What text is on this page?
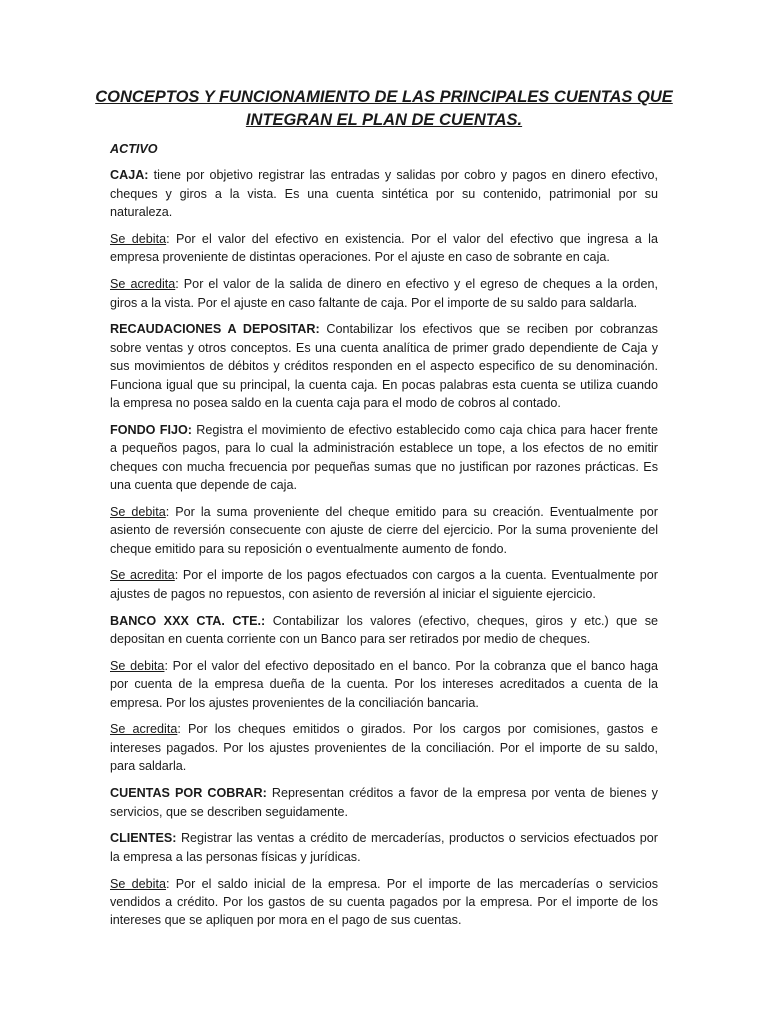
CONCEPTOS Y FUNCIONAMIENTO DE LAS PRINCIPALES CUENTAS QUE
INTEGRAN EL PLAN DE CUENTAS.

ACTIVO

CAJA: tiene por objetivo registrar las entradas y salidas por cobro y pagos en dinero efectivo, cheques y giros a la vista. Es una cuenta sintética por su contenido, patrimonial por su naturaleza.

Se debita: Por el valor del efectivo en existencia. Por el valor del efectivo que ingresa a la empresa proveniente de distintas operaciones. Por el ajuste en caso de sobrante en caja.

Se acredita: Por el valor de la salida de dinero en efectivo y el egreso de cheques a la orden, giros a la vista. Por el ajuste en caso faltante de caja. Por el importe de su saldo para saldarla.

RECAUDACIONES A DEPOSITAR: Contabilizar los efectivos que se reciben por cobranzas sobre ventas y otros conceptos. Es una cuenta analítica de primer grado dependiente de Caja y sus movimientos de débitos y créditos responden en el aspecto especifico de su denominación. Funciona igual que su principal, la cuenta caja. En pocas palabras esta cuenta se utiliza cuando la empresa no posea saldo en la cuenta caja para el modo de cobros al contado.

FONDO FIJO: Registra el movimiento de efectivo establecido como caja chica para hacer frente a pequeños pagos, para lo cual la administración establece un tope, a los efectos de no emitir cheques con mucha frecuencia por pequeñas sumas que no justifican por razones prácticas. Es una cuenta que depende de caja.

Se debita: Por la suma proveniente del cheque emitido para su creación. Eventualmente por asiento de reversión consecuente con ajuste de cierre del ejercicio. Por la suma proveniente del cheque emitido para su reposición o eventualmente aumento de fondo.

Se acredita: Por el importe de los pagos efectuados con cargos a la cuenta. Eventualmente por ajustes de pagos no repuestos, con asiento de reversión al iniciar el siguiente ejercicio.

BANCO XXX CTA. CTE.: Contabilizar los valores (efectivo, cheques, giros y etc.) que se depositan en cuenta corriente con un Banco para ser retirados por medio de cheques.

Se debita: Por el valor del efectivo depositado en el banco. Por la cobranza que el banco haga por cuenta de la empresa dueña de la cuenta. Por los intereses acreditados a cuenta de la empresa. Por los ajustes provenientes de la conciliación bancaria.

Se acredita: Por los cheques emitidos o girados. Por los cargos por comisiones, gastos e intereses pagados. Por los ajustes provenientes de la conciliación. Por el importe de su saldo, para saldarla.

CUENTAS POR COBRAR: Representan créditos a favor de la empresa por venta de bienes y servicios, que se describen seguidamente.

CLIENTES: Registrar las ventas a crédito de mercaderías, productos o servicios efectuados por la empresa a las personas físicas y jurídicas.

Se debita: Por el saldo inicial de la empresa. Por el importe de las mercaderías o servicios vendidos a crédito. Por los gastos de su cuenta pagados por la empresa. Por el importe de los intereses que se apliquen por mora en el pago de sus cuentas.
